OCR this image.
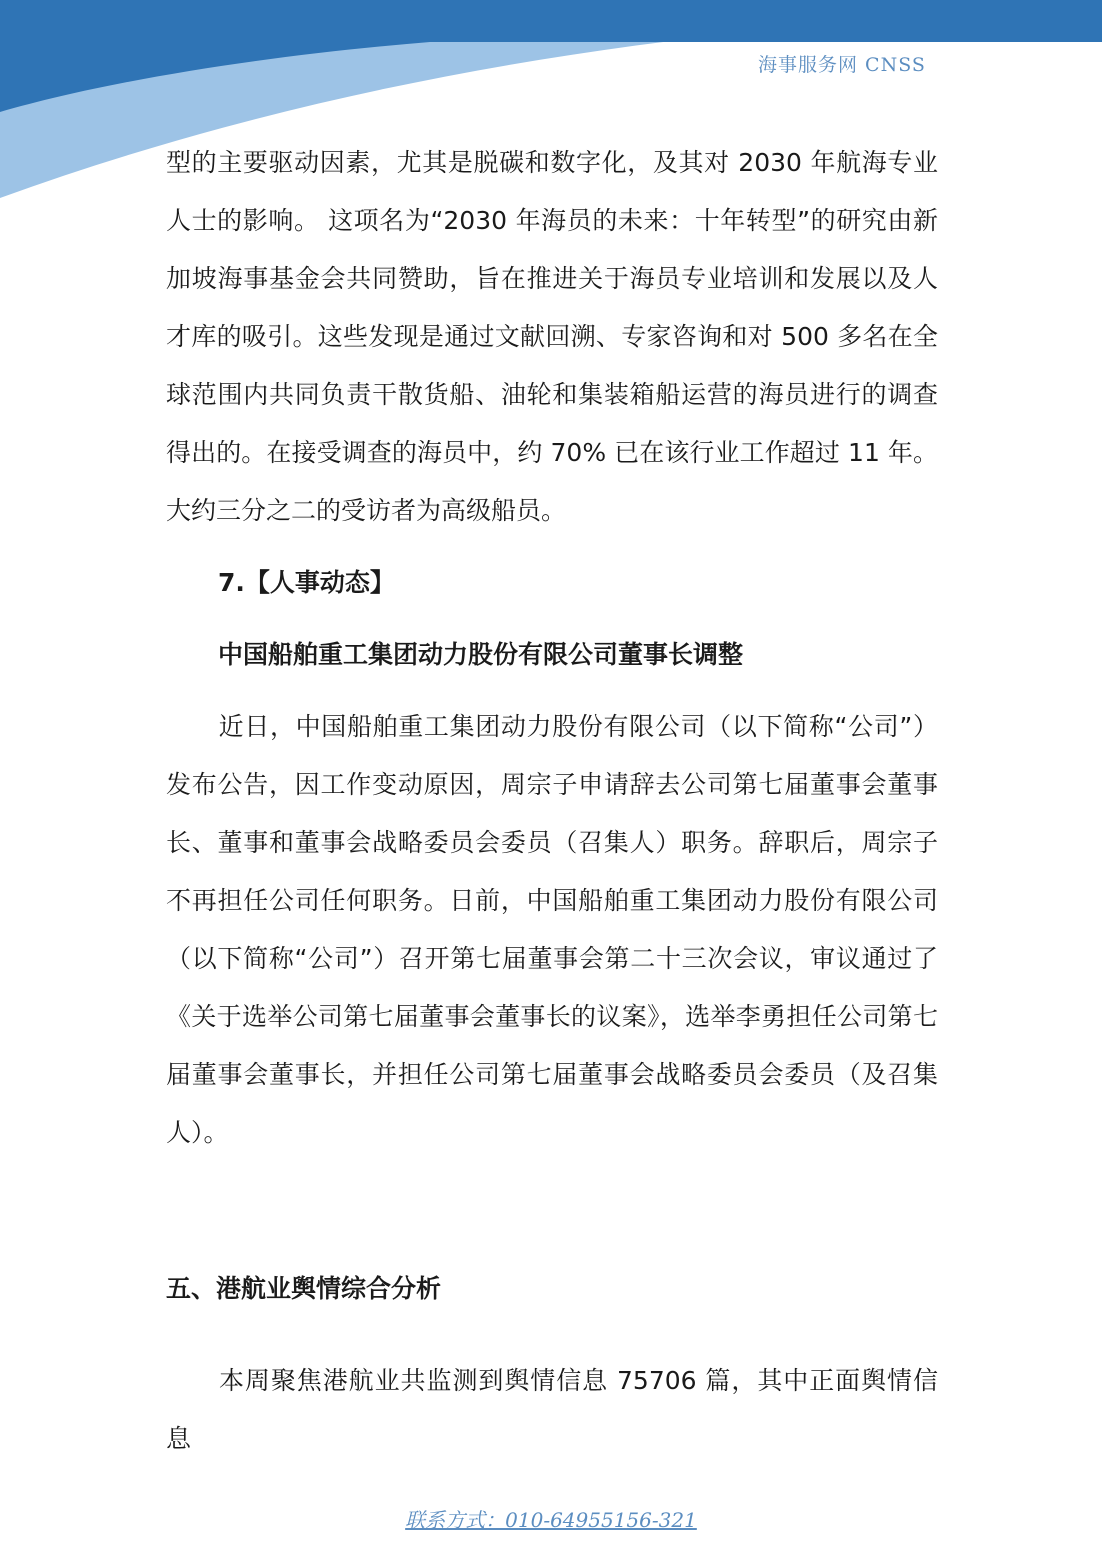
海事服务网 CNSS

型的主要驱动因素，尤其是脱碳和数字化，及其对 2030 年航海专业人士的影响。 这项名为“2030 年海员的未来：十年转型”的研究由新加坡海事基金会共同赞助，旨在推进关于海员专业培训和发展以及人才库的吸引。这些发现是通过文献回溯、专家咨询和对 500 多名在全球范围内共同负责干散货船、油轮和集装箱船运营的海员进行的调查得出的。在接受调查的海员中，约 70% 已在该行业工作超过 11 年。大约三分之二的受访者为高级船员。

7.【人事动态】

中国船舶重工集团动力股份有限公司董事长调整

近日，中国船舶重工集团动力股份有限公司（以下简称“公司”）发布公告，因工作变动原因，周宗子申请辞去公司第七届董事会董事长、董事和董事会战略委员会委员（召集人）职务。辞职后，周宗子不再担任公司任何职务。日前，中国船舶重工集团动力股份有限公司（以下简称“公司”）召开第七届董事会第二十三次会议，审议通过了《关于选举公司第七届董事会董事长的议案》，选举李勇担任公司第七届董事会董事长，并担任公司第七届董事会战略委员会委员（及召集人）。

五、港航业舆情综合分析

本周聚焦港航业共监测到舆情信息 75706 篇，其中正面舆情信息

联系方式：010-64955156-321
